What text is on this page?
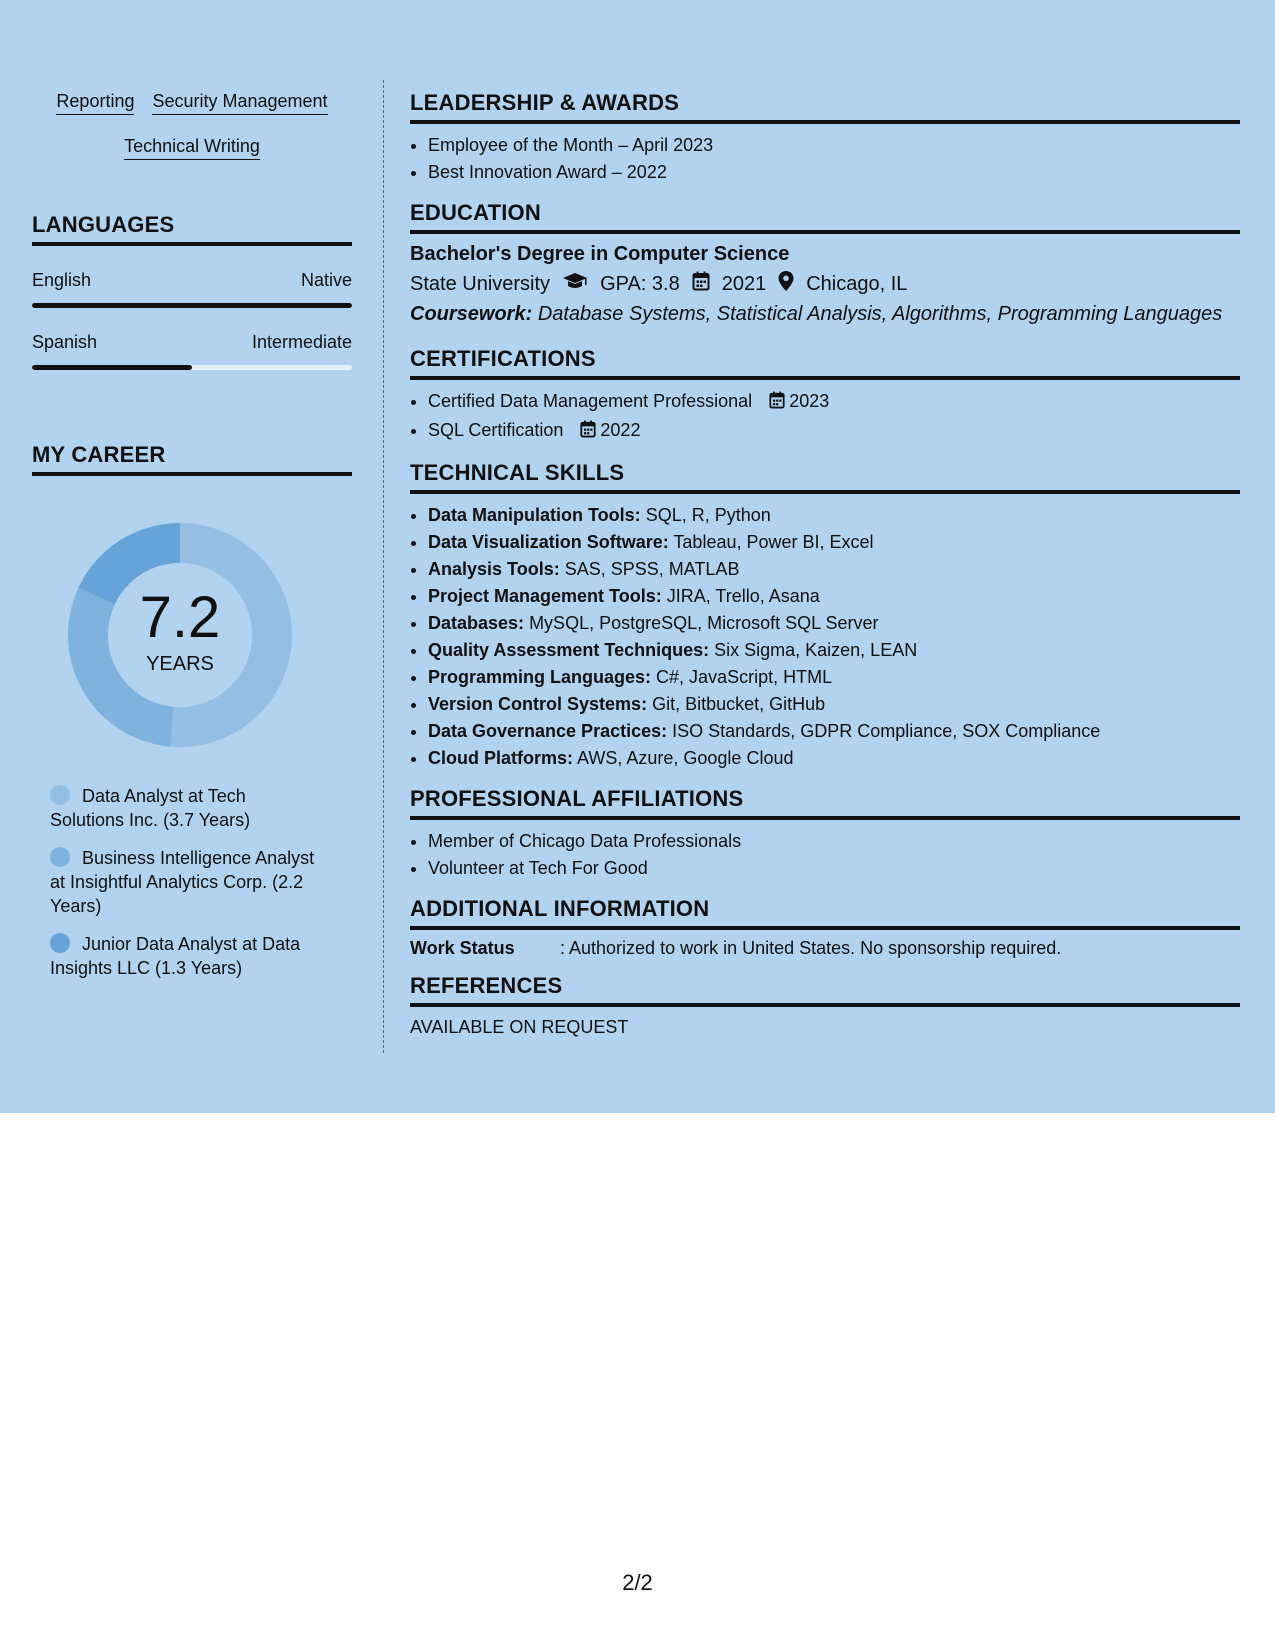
Reporting Security Management
Technical Writing
LANGUAGES
English	Native
Spanish	Intermediate
MY CAREER
7.2
YEARS
Data Analyst at Tech Solutions Inc. (3.7 Years)
Business Intelligence Analyst at Insightful Analytics Corp. (2.2 Years)
Junior Data Analyst at Data Insights LLC (1.3 Years)
LEADERSHIP & AWARDS
• Employee of the Month – April 2023
• Best Innovation Award – 2022
EDUCATION
Bachelor's Degree in Computer Science
State University	GPA: 3.8 2021 Chicago, IL
Coursework: Database Systems, Statistical Analysis, Algorithms, Programming Languages
CERTIFICATIONS
• Certified Data Management Professional 2023
• SQL Certification 2022
TECHNICAL SKILLS
• Data Manipulation Tools: SQL, R, Python
• Data Visualization Software: Tableau, Power BI, Excel
• Analysis Tools: SAS, SPSS, MATLAB
• Project Management Tools: JIRA, Trello, Asana
• Databases: MySQL, PostgreSQL, Microsoft SQL Server
• Quality Assessment Techniques: Six Sigma, Kaizen, LEAN
• Programming Languages: C#, JavaScript, HTML
• Version Control Systems: Git, Bitbucket, GitHub
• Data Governance Practices: ISO Standards, GDPR Compliance, SOX Compliance
• Cloud Platforms: AWS, Azure, Google Cloud
PROFESSIONAL AFFILIATIONS
• Member of Chicago Data Professionals
• Volunteer at Tech For Good
ADDITIONAL INFORMATION
Work Status	: Authorized to work in United States. No sponsorship required.
REFERENCES
AVAILABLE ON REQUEST
2/2
